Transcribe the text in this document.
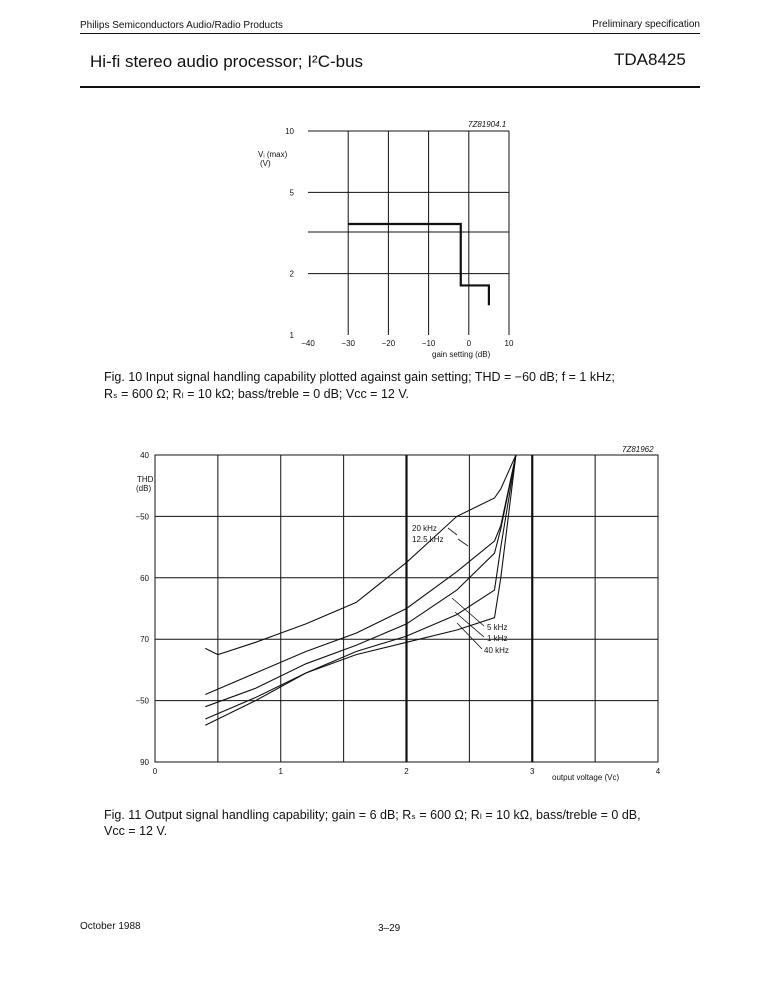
Philips Semiconductors Audio/Radio Products	Preliminary specification
Hi-fi stereo audio processor; I²C-bus	TDA8425
−40	−30	−20	−10	0	10
1
2
5
10
7Z81904.1
Vᵢ (max) (V)
gain setting (dB)
Fig. 10 Input signal handling capability plotted against gain setting; THD = −60 dB; f = 1 kHz;
Rₛ = 600 Ω; Rₗ = 10 kΩ; bass/treble = 0 dB; Vᴄᴄ = 12 V.
0	1	2	3	4
40
−50
60
70
−50
90
20 kHz
12.5 kHz
5 kHz
1 kHz
40 kHz
7Z81962
THD (dB)
output voltage (Vᴄ)
Fig. 11 Output signal handling capability; gain = 6 dB; Rₛ = 600 Ω; Rₗ = 10 kΩ, bass/treble = 0 dB,
Vᴄᴄ = 12 V.
October 1988	3–29
